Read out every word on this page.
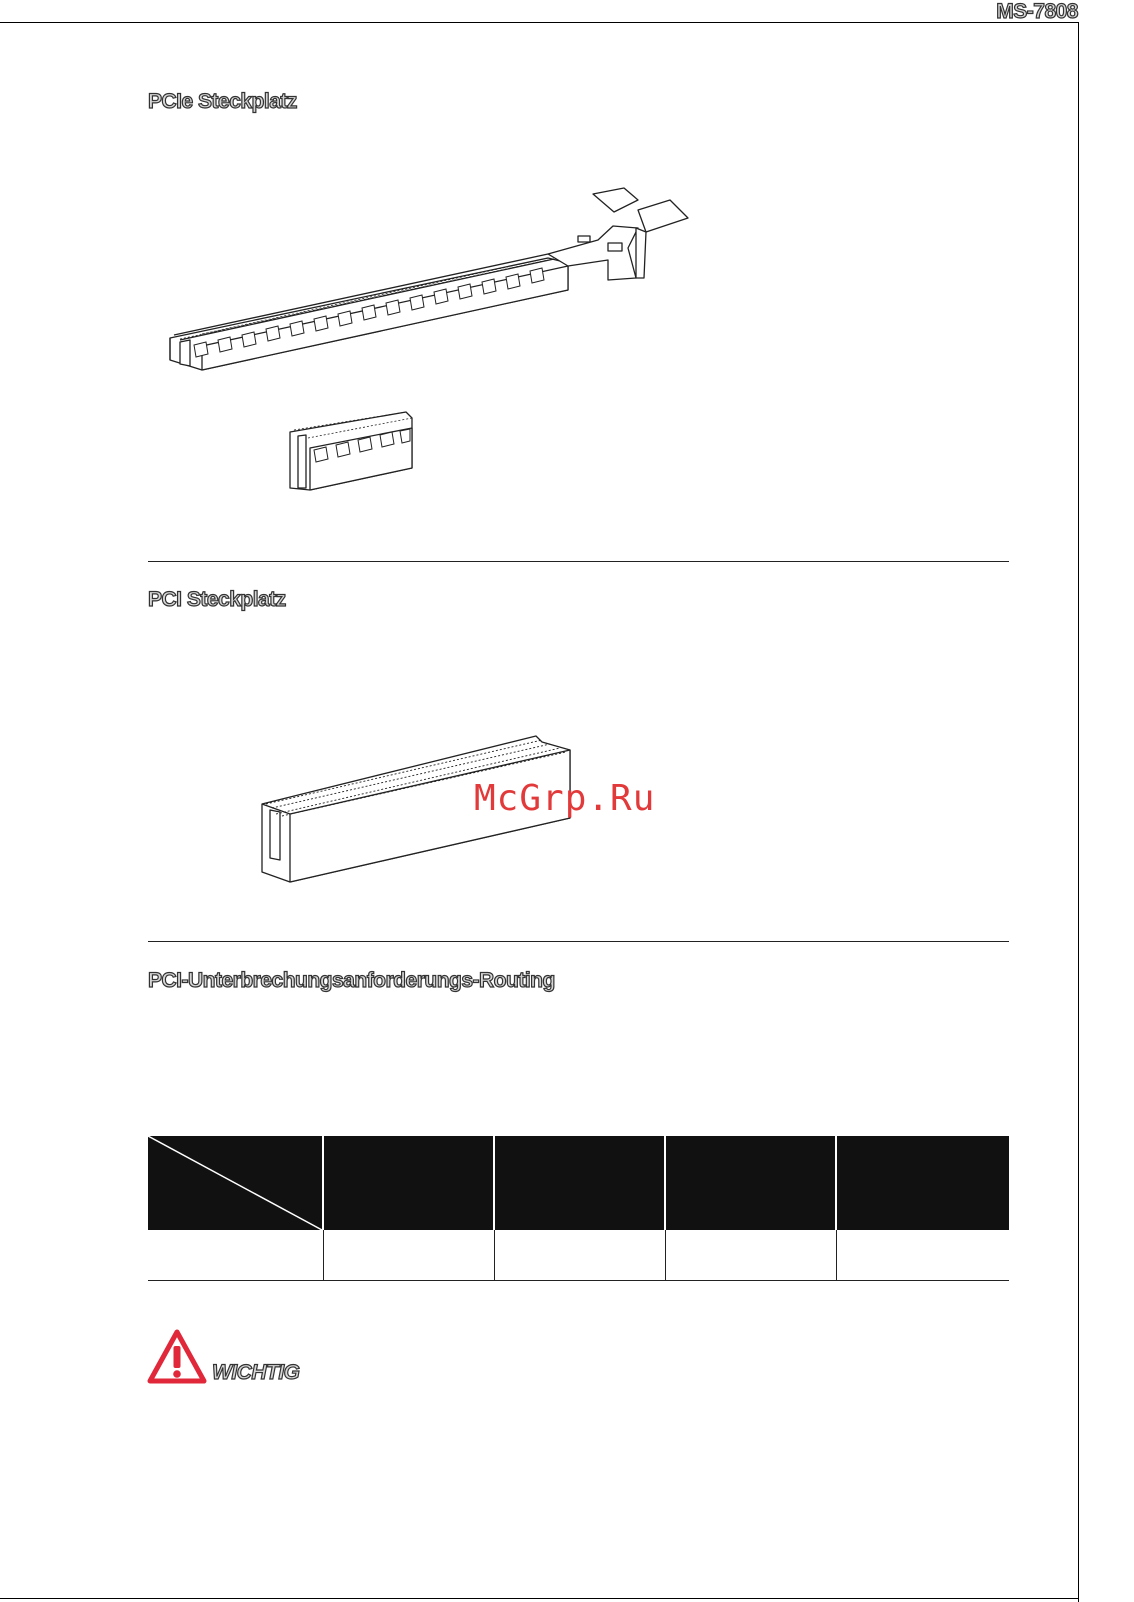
MS-7808
PCIe Steckplatz
PCI Steckplatz
McGrp.Ru
PCI-Unterbrechungsanforderungs-Routing

WICHTIG
